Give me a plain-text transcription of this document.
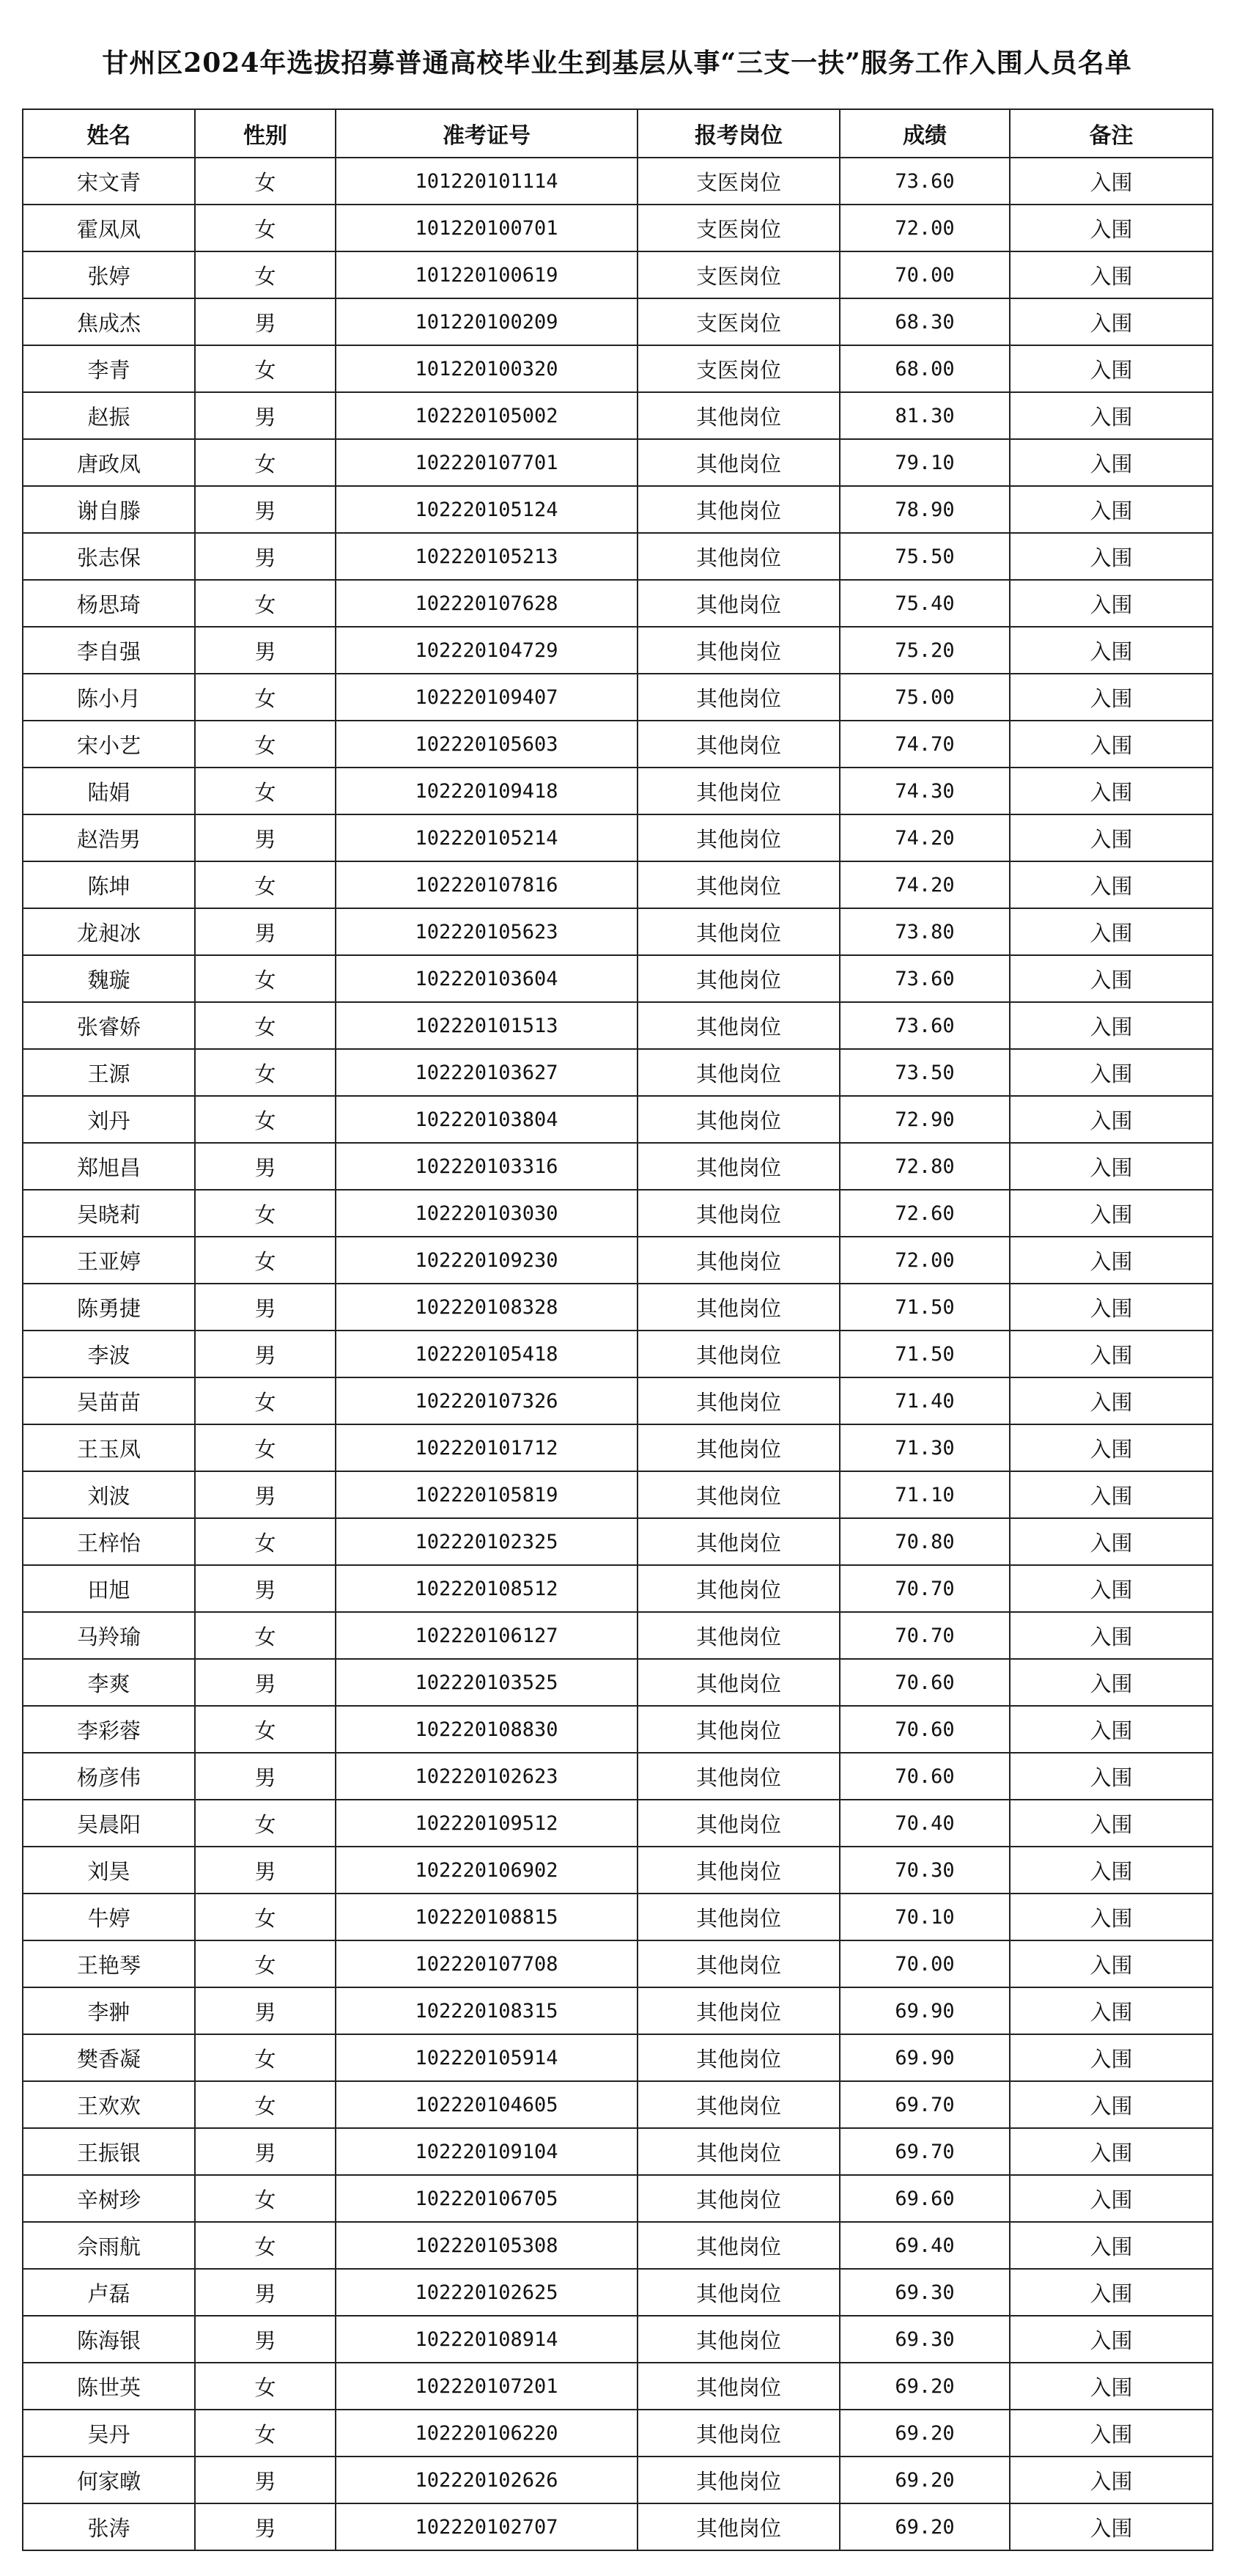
甘州区2024年选拔招募普通高校毕业生到基层从事“三支一扶”服务工作入围人员名单
姓名	性别	准考证号	报考岗位	成绩	备注
宋文青	女	101220101114	支医岗位	73.60	入围
霍凤凤	女	101220100701	支医岗位	72.00	入围
张婷	女	101220100619	支医岗位	70.00	入围
焦成杰	男	101220100209	支医岗位	68.30	入围
李青	女	101220100320	支医岗位	68.00	入围
赵振	男	102220105002	其他岗位	81.30	入围
唐政凤	女	102220107701	其他岗位	79.10	入围
谢自滕	男	102220105124	其他岗位	78.90	入围
张志保	男	102220105213	其他岗位	75.50	入围
杨思琦	女	102220107628	其他岗位	75.40	入围
李自强	男	102220104729	其他岗位	75.20	入围
陈小月	女	102220109407	其他岗位	75.00	入围
宋小艺	女	102220105603	其他岗位	74.70	入围
陆娟	女	102220109418	其他岗位	74.30	入围
赵浩男	男	102220105214	其他岗位	74.20	入围
陈坤	女	102220107816	其他岗位	74.20	入围
龙昶冰	男	102220105623	其他岗位	73.80	入围
魏璇	女	102220103604	其他岗位	73.60	入围
张睿娇	女	102220101513	其他岗位	73.60	入围
王源	女	102220103627	其他岗位	73.50	入围
刘丹	女	102220103804	其他岗位	72.90	入围
郑旭昌	男	102220103316	其他岗位	72.80	入围
吴晓莉	女	102220103030	其他岗位	72.60	入围
王亚婷	女	102220109230	其他岗位	72.00	入围
陈勇捷	男	102220108328	其他岗位	71.50	入围
李波	男	102220105418	其他岗位	71.50	入围
吴苗苗	女	102220107326	其他岗位	71.40	入围
王玉凤	女	102220101712	其他岗位	71.30	入围
刘波	男	102220105819	其他岗位	71.10	入围
王梓怡	女	102220102325	其他岗位	70.80	入围
田旭	男	102220108512	其他岗位	70.70	入围
马羚瑜	女	102220106127	其他岗位	70.70	入围
李爽	男	102220103525	其他岗位	70.60	入围
李彩蓉	女	102220108830	其他岗位	70.60	入围
杨彦伟	男	102220102623	其他岗位	70.60	入围
吴晨阳	女	102220109512	其他岗位	70.40	入围
刘昊	男	102220106902	其他岗位	70.30	入围
牛婷	女	102220108815	其他岗位	70.10	入围
王艳琴	女	102220107708	其他岗位	70.00	入围
李翀	男	102220108315	其他岗位	69.90	入围
樊香凝	女	102220105914	其他岗位	69.90	入围
王欢欢	女	102220104605	其他岗位	69.70	入围
王振银	男	102220109104	其他岗位	69.70	入围
辛树珍	女	102220106705	其他岗位	69.60	入围
佘雨航	女	102220105308	其他岗位	69.40	入围
卢磊	男	102220102625	其他岗位	69.30	入围
陈海银	男	102220108914	其他岗位	69.30	入围
陈世英	女	102220107201	其他岗位	69.20	入围
吴丹	女	102220106220	其他岗位	69.20	入围
何家暾	男	102220102626	其他岗位	69.20	入围
张涛	男	102220102707	其他岗位	69.20	入围
